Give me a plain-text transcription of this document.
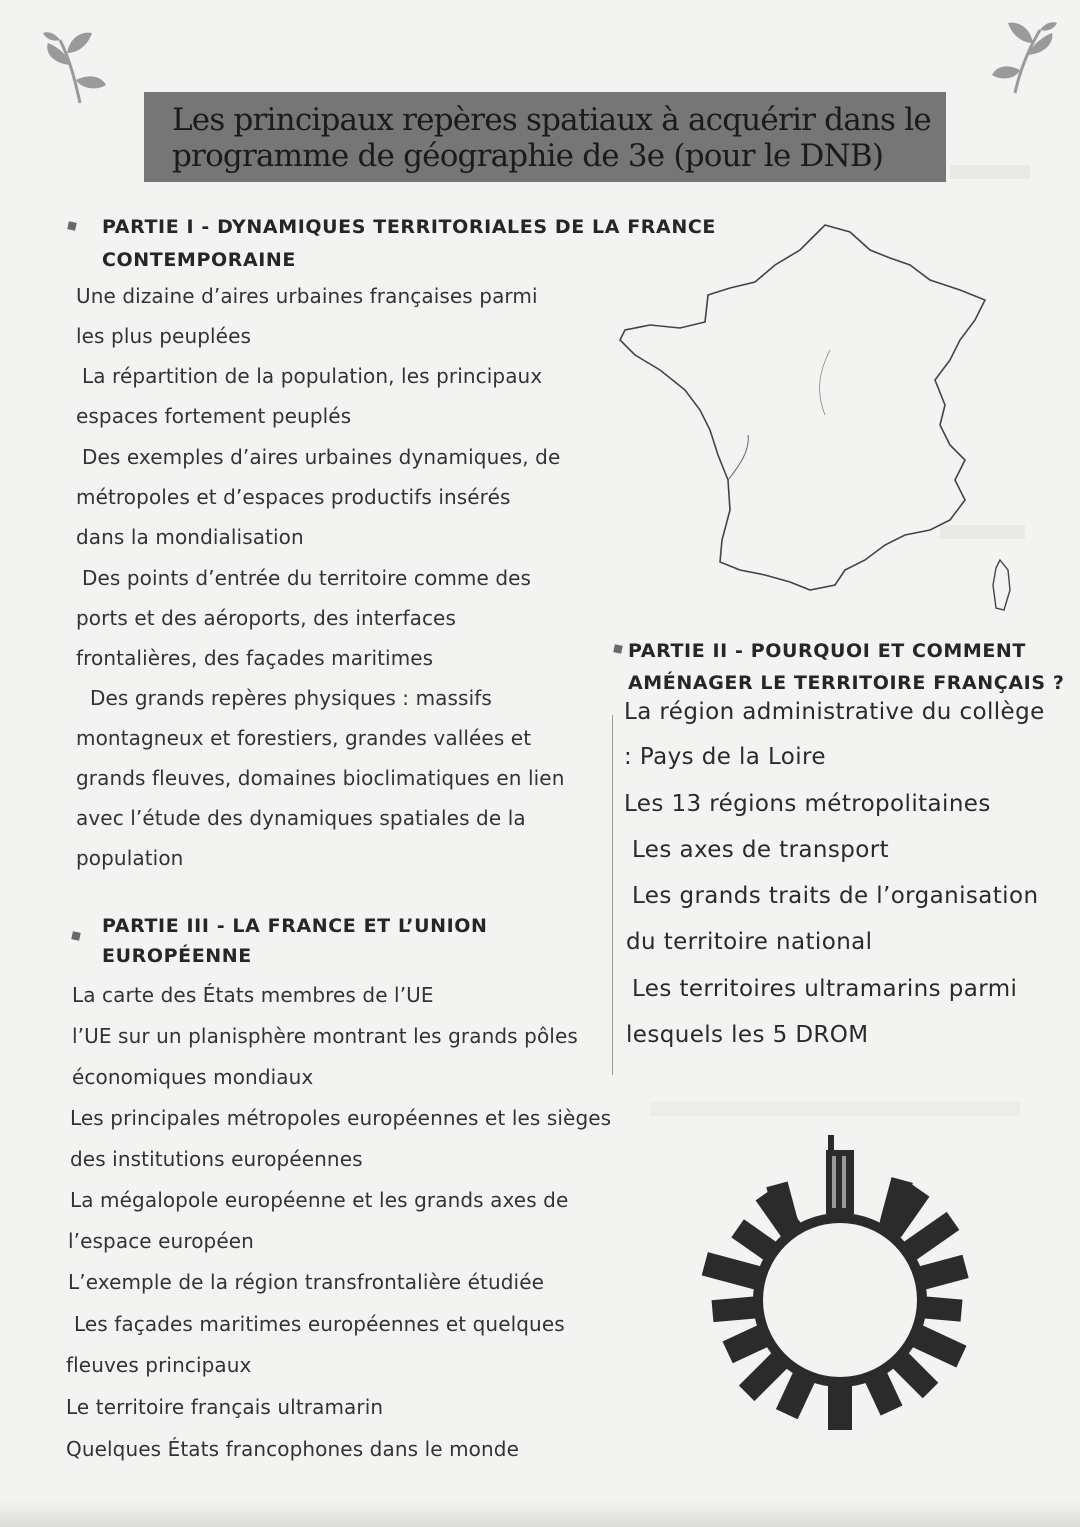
Les principaux repères spatiaux à acquérir dans le
programme de géographie de 3e (pour le DNB)
PARTIE I - DYNAMIQUES TERRITORIALES DE LA FRANCE
CONTEMPORAINE
Une dizaine d’aires urbaines françaises parmi
les plus peuplées
La répartition de la population, les principaux
espaces fortement peuplés
Des exemples d’aires urbaines dynamiques, de
métropoles et d’espaces productifs insérés
dans la mondialisation
Des points d’entrée du territoire comme des
ports et des aéroports, des interfaces
frontalières, des façades maritimes
Des grands repères physiques : massifs
montagneux et forestiers, grandes vallées et
grands fleuves, domaines bioclimatiques en lien
avec l’étude des dynamiques spatiales de la
population
PARTIE II - POURQUOI ET COMMENT
AMÉNAGER LE TERRITOIRE FRANÇAIS ?
La région administrative du collège
: Pays de la Loire
Les 13 régions métropolitaines
Les axes de transport
Les grands traits de l’organisation
du territoire national
Les territoires ultramarins parmi
lesquels les 5 DROM
PARTIE III - LA FRANCE ET L’UNION
EUROPÉENNE
La carte des États membres de l’UE
l’UE sur un planisphère montrant les grands pôles
économiques mondiaux
Les principales métropoles européennes et les sièges
des institutions européennes
La mégalopole européenne et les grands axes de
l’espace européen
L’exemple de la région transfrontalière étudiée
Les façades maritimes européennes et quelques
fleuves principaux
Le territoire français ultramarin
Quelques États francophones dans le monde
